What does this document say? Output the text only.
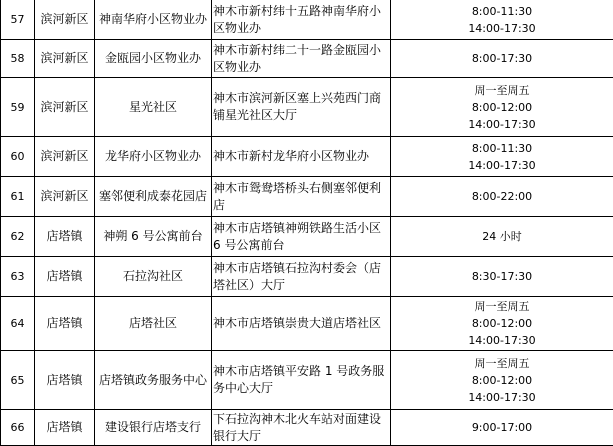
57	滨河新区	神南华府小区物业办	神木市新村纬十五路神南华府小区物业办	8:00-11:30
14:00-17:30

58	滨河新区	金瓯园小区物业办	神木市新村纬二十一路金瓯园小区物业办	8:00-17:30

59	滨河新区	星光社区	神木市滨河新区塞上兴苑西门商铺星光社区大厅	周一至周五
8:00-12:00
14:00-17:30

60	滨河新区	龙华府小区物业办	神木市新村龙华府小区物业办	8:00-11:30
14:00-17:30

61	滨河新区	塞邻便利成泰花园店	神木市鸳鸯塔桥头右侧塞邻便利店	8:00-22:00

62	店塔镇	神朔 6 号公寓前台	神木市店塔镇神朔铁路生活小区 6 号公寓前台	24 小时

63	店塔镇	石拉沟社区	神木市店塔镇石拉沟村委会（店塔社区）大厅	8:30-17:30

64	店塔镇	店塔社区	神木市店塔镇崇贵大道店塔社区	周一至周五
8:00-12:00
14:00-17:30

65	店塔镇	店塔镇政务服务中心	神木市店塔镇平安路 1 号政务服务中心大厅	周一至周五
8:00-12:00
14:00-17:30

66	店塔镇	建设银行店塔支行	下石拉沟神木北火车站对面建设银行大厅	9:00-17:00
